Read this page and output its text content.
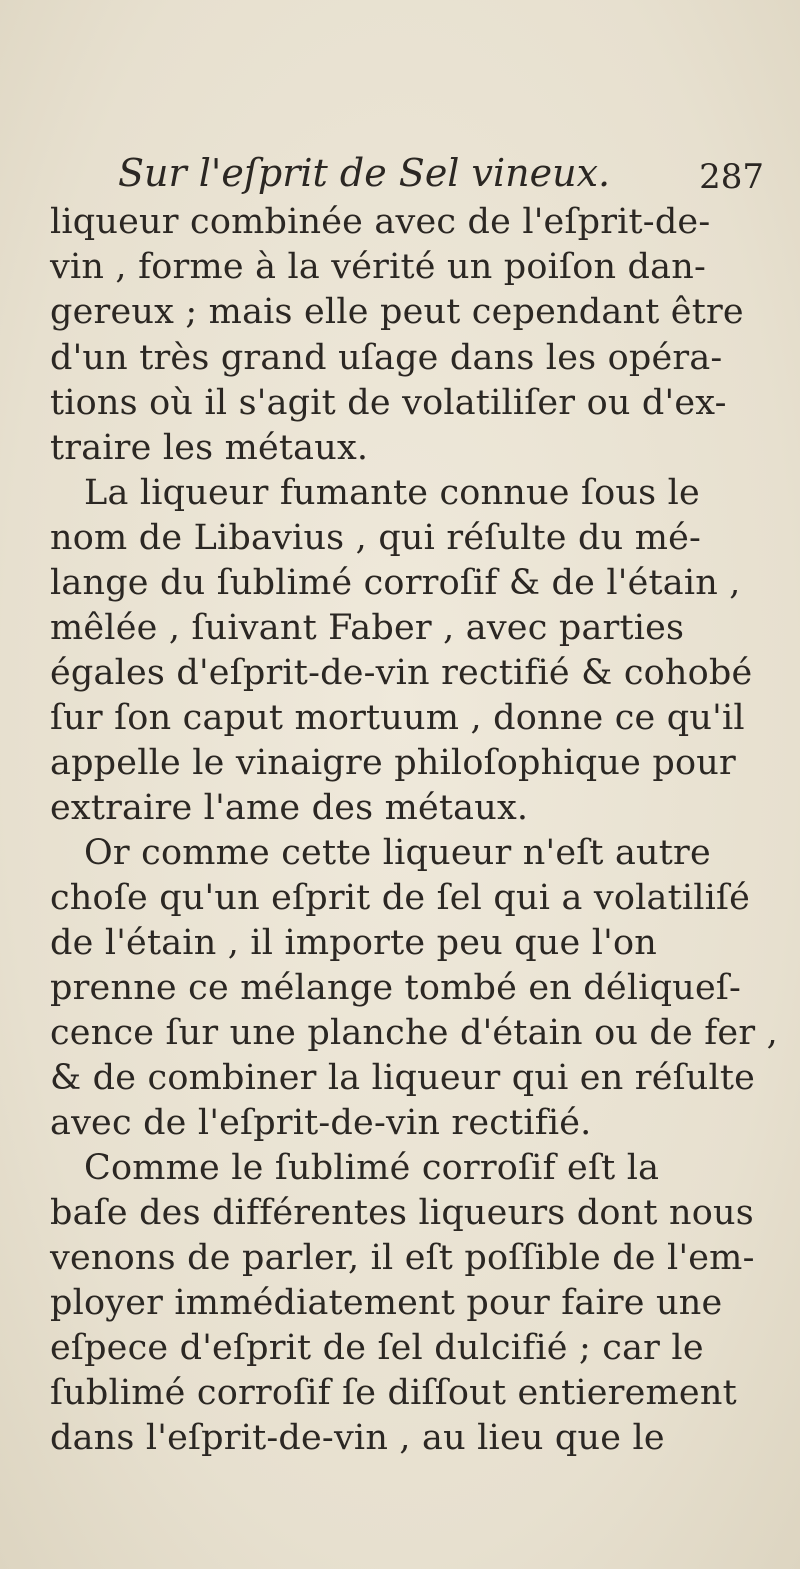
Sur l'eſprit de Sel vineux.	287
liqueur combinée avec de l'eſprit-de-
vin , forme à la vérité un poiſon dan-
gereux ; mais elle peut cependant être
d'un très grand uſage dans les opéra-
tions où il s'agit de volatiliſer ou d'ex-
traire les métaux.
La liqueur fumante connue ſous le
nom de Libavius , qui réſulte du mé-
lange du ſublimé corroſif & de l'étain ,
mêlée , ſuivant Faber , avec parties
égales d'eſprit-de-vin rectifié & cohobé
ſur ſon caput mortuum , donne ce qu'il
appelle le vinaigre philoſophique pour
extraire l'ame des métaux.
Or comme cette liqueur n'eſt autre
choſe qu'un eſprit de ſel qui a volatiliſé
de l'étain , il importe peu que l'on
prenne ce mélange tombé en déliqueſ-
cence ſur une planche d'étain ou de fer ,
& de combiner la liqueur qui en réſulte
avec de l'eſprit-de-vin rectifié.
Comme le ſublimé corroſif eſt la
baſe des différentes liqueurs dont nous
venons de parler, il eſt poſſible de l'em-
ployer immédiatement pour faire une
eſpece d'eſprit de ſel dulcifié ; car le
ſublimé corroſif ſe diſſout entierement
dans l'eſprit-de-vin , au lieu que le
